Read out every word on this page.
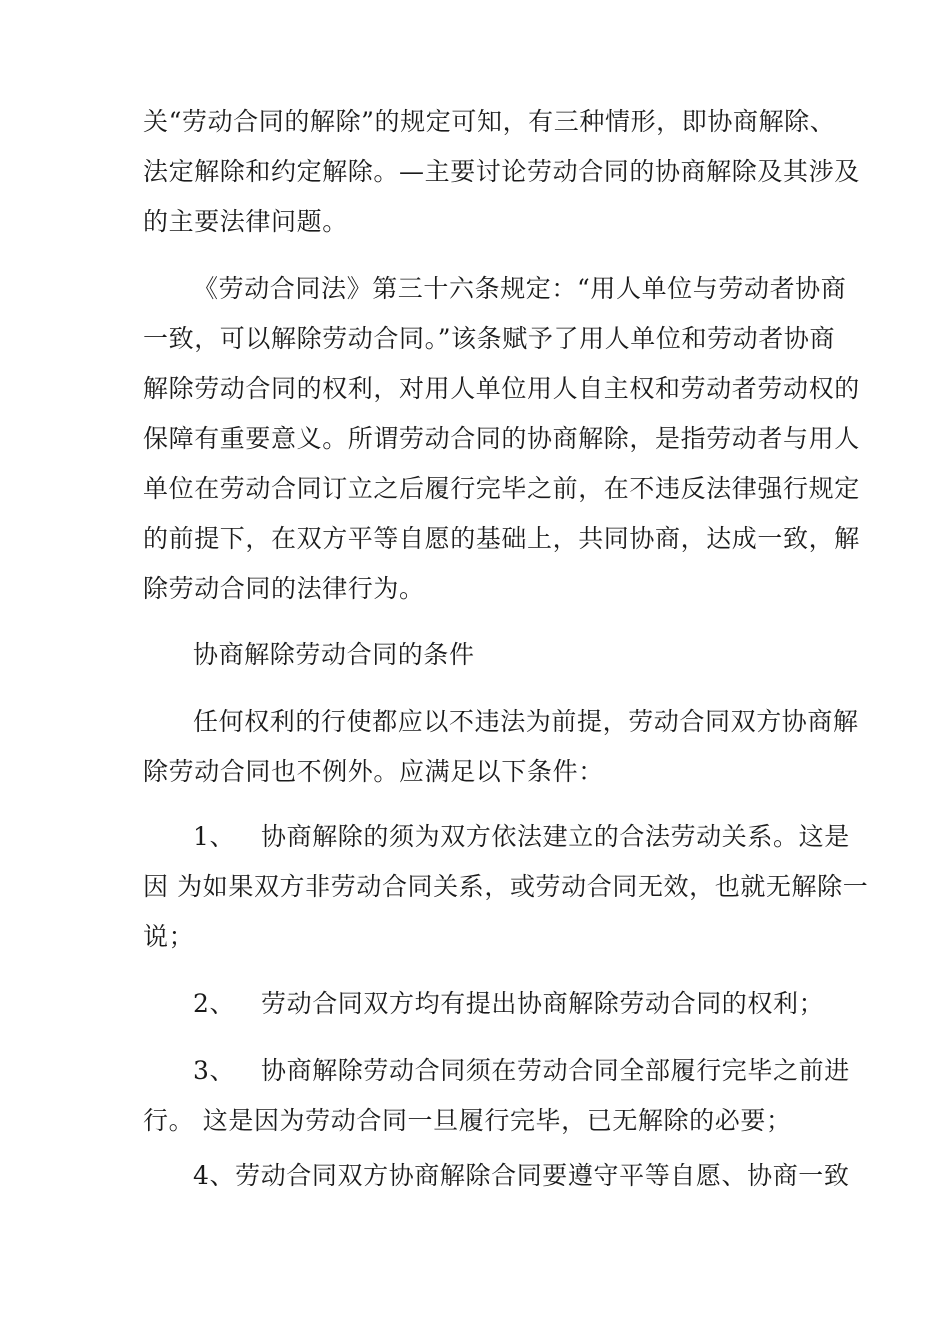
关“劳动合同的解除”的规定可知，有三种情形，即协商解除、
法定解除和约定解除。—主要讨论劳动合同的协商解除及其涉及
的主要法律问题。
《劳动合同法》第三十六条规定：“用人单位与劳动者协商
一致，可以解除劳动合同。”该条赋予了用人单位和劳动者协商
解除劳动合同的权利，对用人单位用人自主权和劳动者劳动权的
保障有重要意义。所谓劳动合同的协商解除，是指劳动者与用人
单位在劳动合同订立之后履行完毕之前，在不违反法律强行规定
的前提下，在双方平等自愿的基础上，共同协商，达成一致，解
除劳动合同的法律行为。
协商解除劳动合同的条件
任何权利的行使都应以不违法为前提，劳动合同双方协商解
除劳动合同也不例外。应满足以下条件：
1、 协商解除的须为双方依法建立的合法劳动关系。这是
因 为如果双方非劳动合同关系，或劳动合同无效，也就无解除一
说；
2、 劳动合同双方均有提出协商解除劳动合同的权利；
3、 协商解除劳动合同须在劳动合同全部履行完毕之前进
行。 这是因为劳动合同一旦履行完毕，已无解除的必要；
4、劳动合同双方协商解除合同要遵守平等自愿、协商一致
